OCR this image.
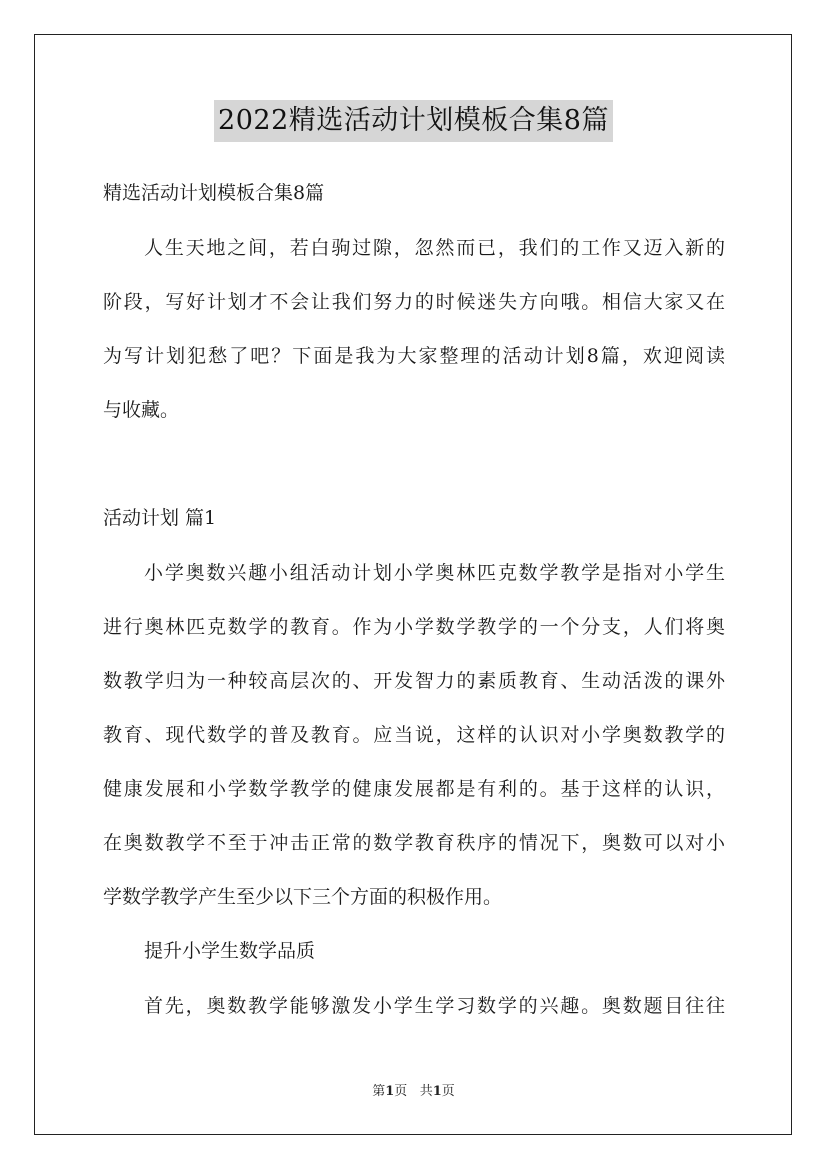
2022精选活动计划模板合集8篇
精选活动计划模板合集8篇
人生天地之间，若白驹过隙，忽然而已，我们的工作又迈入新的
阶段，写好计划才不会让我们努力的时候迷失方向哦。相信大家又在
为写计划犯愁了吧？下面是我为大家整理的活动计划8篇，欢迎阅读
与收藏。
活动计划 篇1
小学奥数兴趣小组活动计划小学奥林匹克数学教学是指对小学生
进行奥林匹克数学的教育。作为小学数学教学的一个分支，人们将奥
数教学归为一种较高层次的、开发智力的素质教育、生动活泼的课外
教育、现代数学的普及教育。应当说，这样的认识对小学奥数教学的
健康发展和小学数学教学的健康发展都是有利的。基于这样的认识，
在奥数教学不至于冲击正常的数学教育秩序的情况下，奥数可以对小
学数学教学产生至少以下三个方面的积极作用。
提升小学生数学品质
首先，奥数教学能够激发小学生学习数学的兴趣。奥数题目往往
第1页   共1页
